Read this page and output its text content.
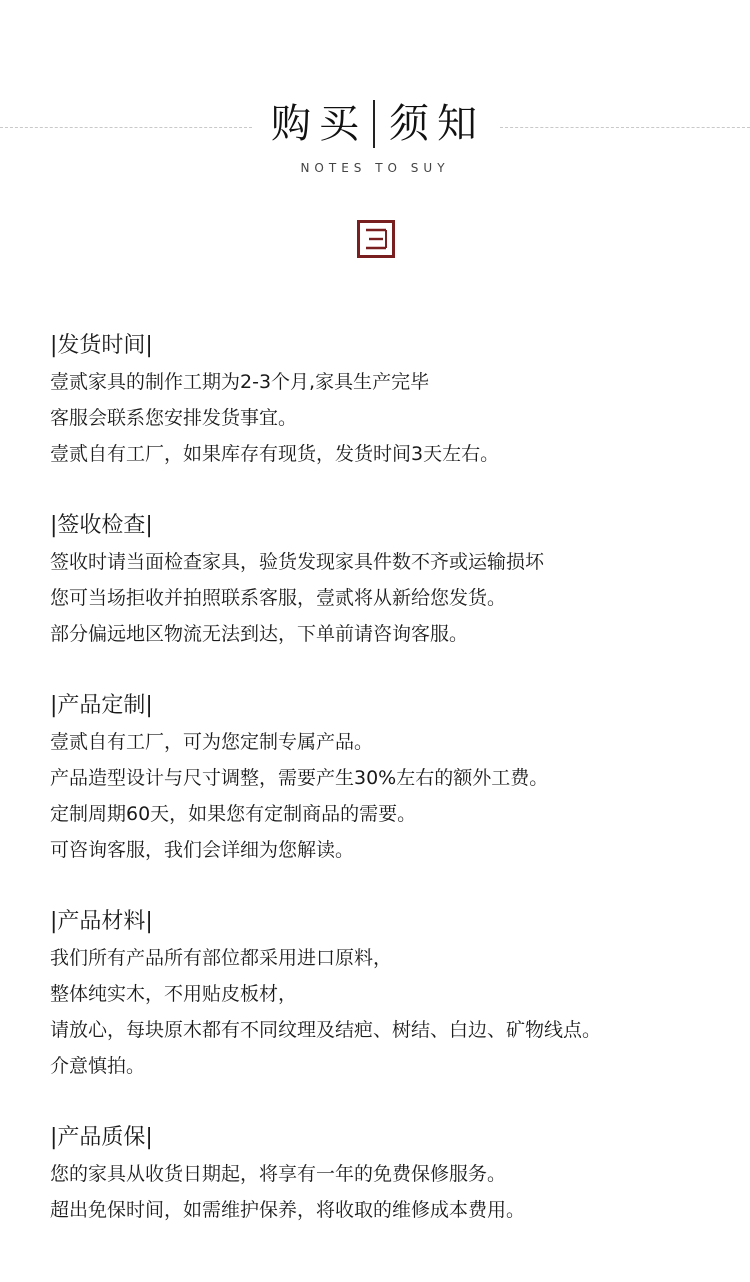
购买 须知
NOTES TO SUY
|发货时间|
壹贰家具的制作工期为2-3个月,家具生产完毕
客服会联系您安排发货事宜。
壹贰自有工厂，如果库存有现货，发货时间3天左右。
|签收检查|
签收时请当面检查家具，验货发现家具件数不齐或运输损坏
您可当场拒收并拍照联系客服，壹贰将从新给您发货。
部分偏远地区物流无法到达，下单前请咨询客服。
|产品定制|
壹贰自有工厂，可为您定制专属产品。
产品造型设计与尺寸调整，需要产生30%左右的额外工费。
定制周期60天，如果您有定制商品的需要。
可咨询客服，我们会详细为您解读。
|产品材料|
我们所有产品所有部位都采用进口原料，
整体纯实木，不用贴皮板材，
请放心，每块原木都有不同纹理及结疤、树结、白边、矿物线点。
介意慎拍。
|产品质保|
您的家具从收货日期起，将享有一年的免费保修服务。
超出免保时间，如需维护保养，将收取的维修成本费用。
